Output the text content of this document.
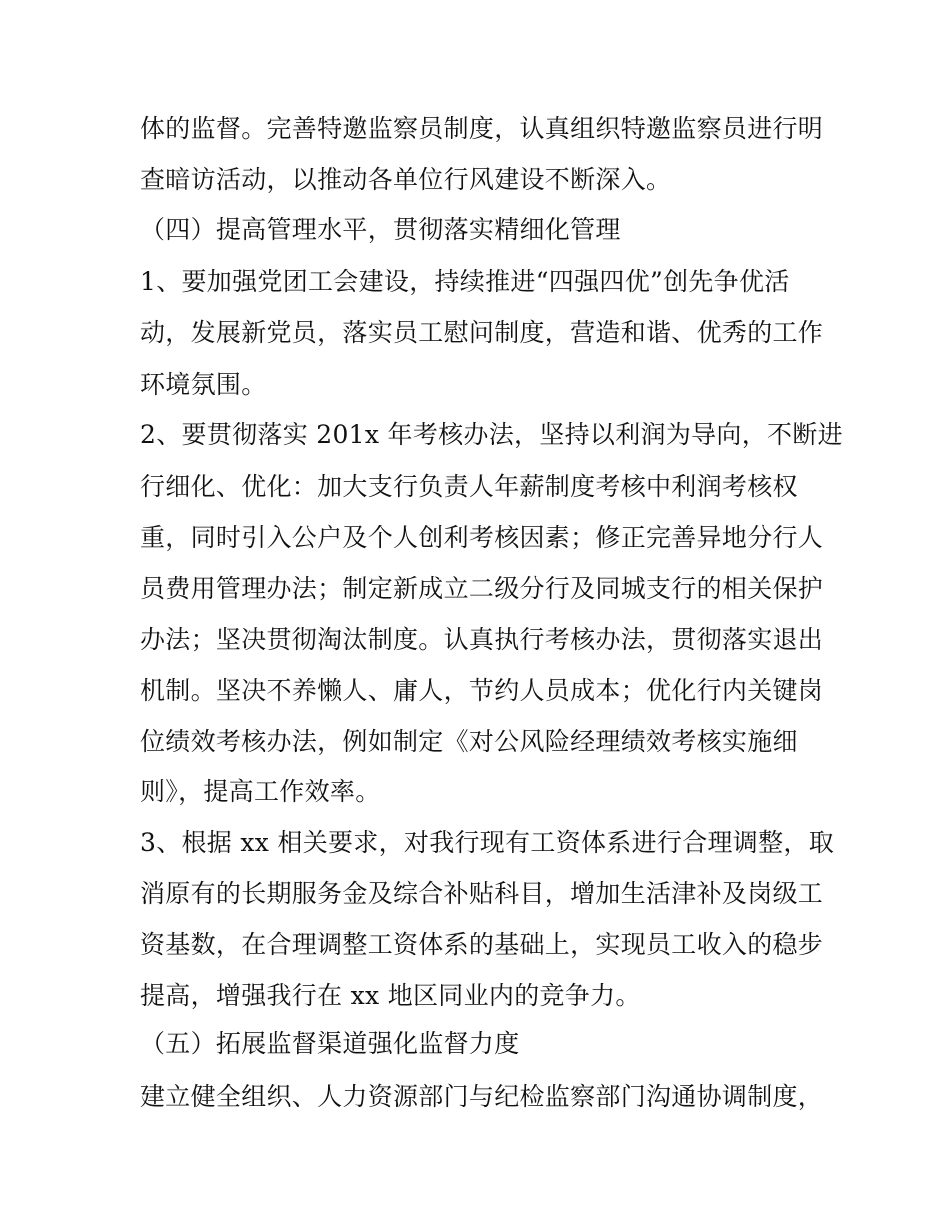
体的监督。完善特邀监察员制度，认真组织特邀监察员进行明
查暗访活动，以推动各单位行风建设不断深入。
（四）提高管理水平，贯彻落实精细化管理
1、要加强党团工会建设，持续推进“四强四优”创先争优活
动，发展新党员，落实员工慰问制度，营造和谐、优秀的工作
环境氛围。
2、要贯彻落实 201x 年考核办法，坚持以利润为导向，不断进
行细化、优化：加大支行负责人年薪制度考核中利润考核权
重，同时引入公户及个人创利考核因素；修正完善异地分行人
员费用管理办法；制定新成立二级分行及同城支行的相关保护
办法；坚决贯彻淘汰制度。认真执行考核办法，贯彻落实退出
机制。坚决不养懒人、庸人，节约人员成本；优化行内关键岗
位绩效考核办法，例如制定《对公风险经理绩效考核实施细
则》，提高工作效率。
3、根据 xx 相关要求，对我行现有工资体系进行合理调整，取
消原有的长期服务金及综合补贴科目，增加生活津补及岗级工
资基数，在合理调整工资体系的基础上，实现员工收入的稳步
提高，增强我行在 xx 地区同业内的竞争力。
（五）拓展监督渠道强化监督力度
建立健全组织、人力资源部门与纪检监察部门沟通协调制度，
